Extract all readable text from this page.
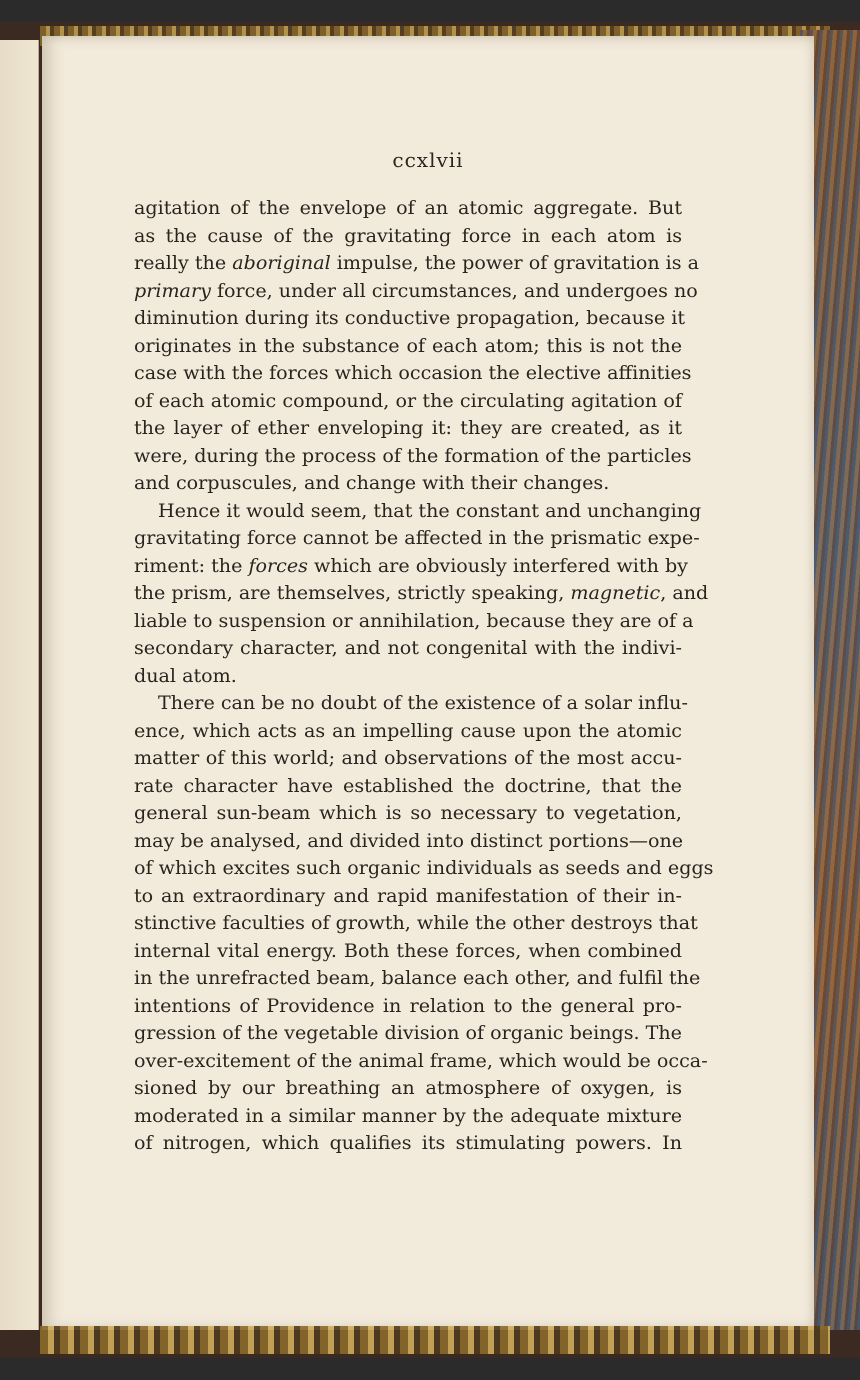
ccxlvii
agitation of the envelope of an atomic aggregate. But
as the cause of the gravitating force in each atom is
really the aboriginal impulse, the power of gravitation is a
primary force, under all circumstances, and undergoes no
diminution during its conductive propagation, because it
originates in the substance of each atom; this is not the
case with the forces which occasion the elective affinities
of each atomic compound, or the circulating agitation of
the layer of ether enveloping it: they are created, as it
were, during the process of the formation of the particles
and corpuscules, and change with their changes.
Hence it would seem, that the constant and unchanging
gravitating force cannot be affected in the prismatic expe-
riment: the forces which are obviously interfered with by
the prism, are themselves, strictly speaking, magnetic, and
liable to suspension or annihilation, because they are of a
secondary character, and not congenital with the indivi-
dual atom.
There can be no doubt of the existence of a solar influ-
ence, which acts as an impelling cause upon the atomic
matter of this world; and observations of the most accu-
rate character have established the doctrine, that the
general sun-beam which is so necessary to vegetation,
may be analysed, and divided into distinct portions—one
of which excites such organic individuals as seeds and eggs
to an extraordinary and rapid manifestation of their in-
stinctive faculties of growth, while the other destroys that
internal vital energy. Both these forces, when combined
in the unrefracted beam, balance each other, and fulfil the
intentions of Providence in relation to the general pro-
gression of the vegetable division of organic beings. The
over-excitement of the animal frame, which would be occa-
sioned by our breathing an atmosphere of oxygen, is
moderated in a similar manner by the adequate mixture
of nitrogen, which qualifies its stimulating powers. In
